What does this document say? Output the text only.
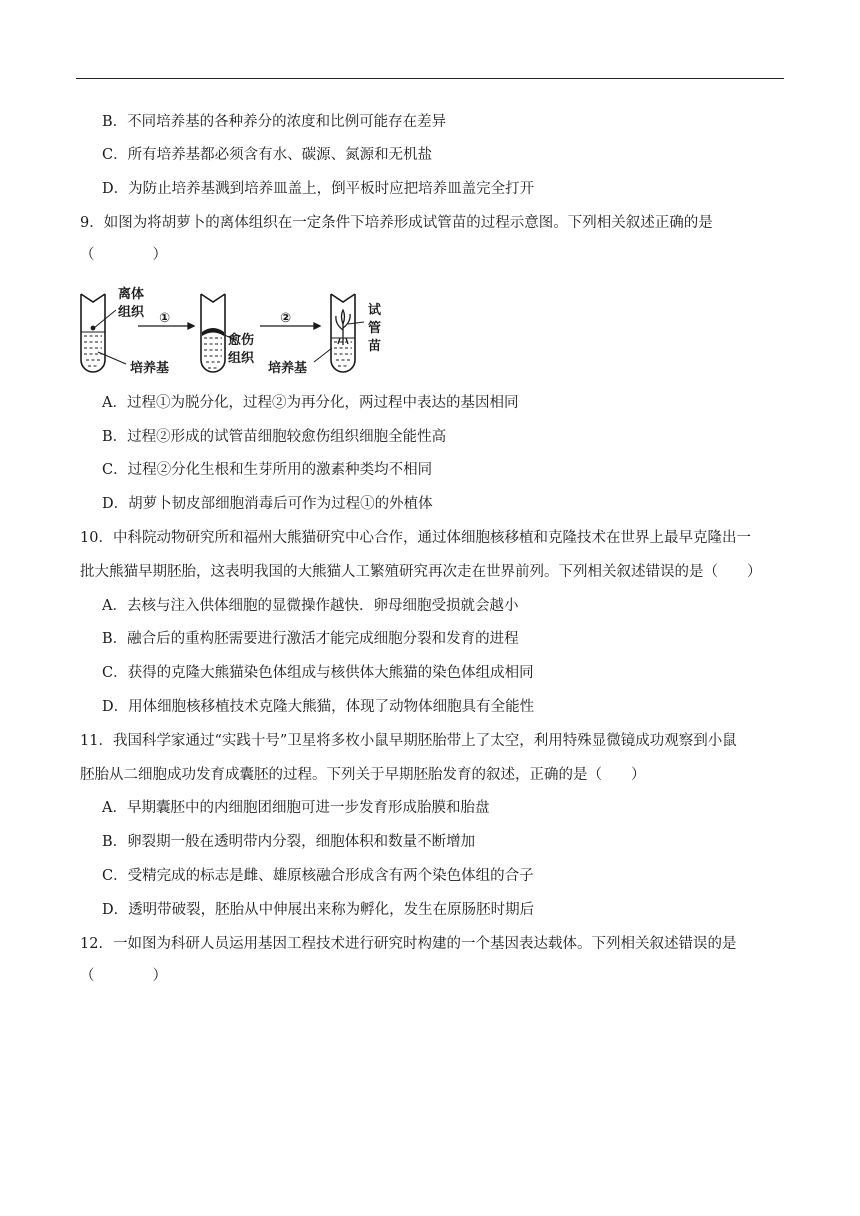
B．不同培养基的各种养分的浓度和比例可能存在差异
C．所有培养基都必须含有水、碳源、氮源和无机盐
D．为防止培养基溅到培养皿盖上，倒平板时应把培养皿盖完全打开
9．如图为将胡萝卜的离体组织在一定条件下培养形成试管苗的过程示意图。下列相关叙述正确的是
（　　　　）
离体
组织 ①	②
培养基
愈伤
组织
培养基
试
管
苗
A．过程①为脱分化，过程②为再分化，两过程中表达的基因相同
B．过程②形成的试管苗细胞较愈伤组织细胞全能性高
C．过程②分化生根和生芽所用的激素种类均不相同
D．胡萝卜韧皮部细胞消毒后可作为过程①的外植体
10．中科院动物研究所和福州大熊猫研究中心合作，通过体细胞核移植和克隆技术在世界上最早克隆出一
批大熊猫早期胚胎，这表明我国的大熊猫人工繁殖研究再次走在世界前列。下列相关叙述错误的是（　　）
A．去核与注入供体细胞的显微操作越快．卵母细胞受损就会越小
B．融合后的重构胚需要进行激活才能完成细胞分裂和发育的进程
C．获得的克隆大熊猫染色体组成与核供体大熊猫的染色体组成相同
D．用体细胞核移植技术克隆大熊猫，体现了动物体细胞具有全能性
11．我国科学家通过“实践十号”卫星将多枚小鼠早期胚胎带上了太空，利用特殊显微镜成功观察到小鼠
胚胎从二细胞成功发育成囊胚的过程。下列关于早期胚胎发育的叙述，正确的是（　　）
A．早期囊胚中的内细胞团细胞可进一步发育形成胎膜和胎盘
B．卵裂期一般在透明带内分裂，细胞体积和数量不断增加
C．受精完成的标志是雌、雄原核融合形成含有两个染色体组的合子
D．透明带破裂，胚胎从中伸展出来称为孵化，发生在原肠胚时期后
12．一如图为科研人员运用基因工程技术进行研究时构建的一个基因表达载体。下列相关叙述错误的是
（　　　　）
